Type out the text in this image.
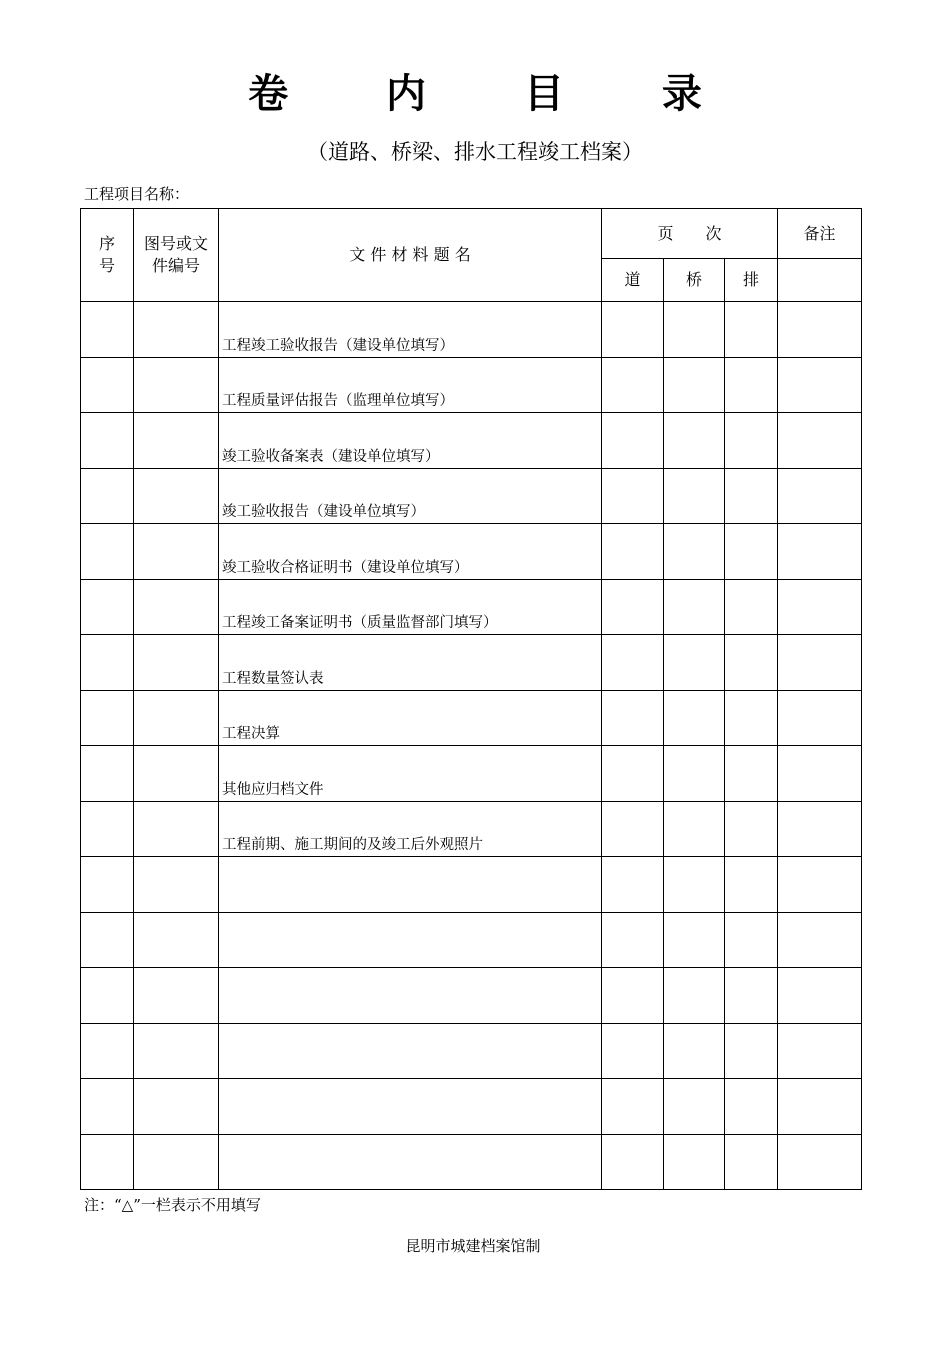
卷 内 目 录
（道路、桥梁、排水工程竣工档案）
工程项目名称：
序号	图号或文件编号	文 件 材 料 题 名	页　　次			备注
			道	桥	排	
		工程竣工验收报告（建设单位填写）				
		工程质量评估报告（监理单位填写）				
		竣工验收备案表（建设单位填写）				
		竣工验收报告（建设单位填写）				
		竣工验收合格证明书（建设单位填写）				
		工程竣工备案证明书（质量监督部门填写）				
		工程数量签认表				
		工程决算				
		其他应归档文件				
		工程前期、施工期间的及竣工后外观照片				

注：“△”一栏表示不用填写
昆明市城建档案馆制
